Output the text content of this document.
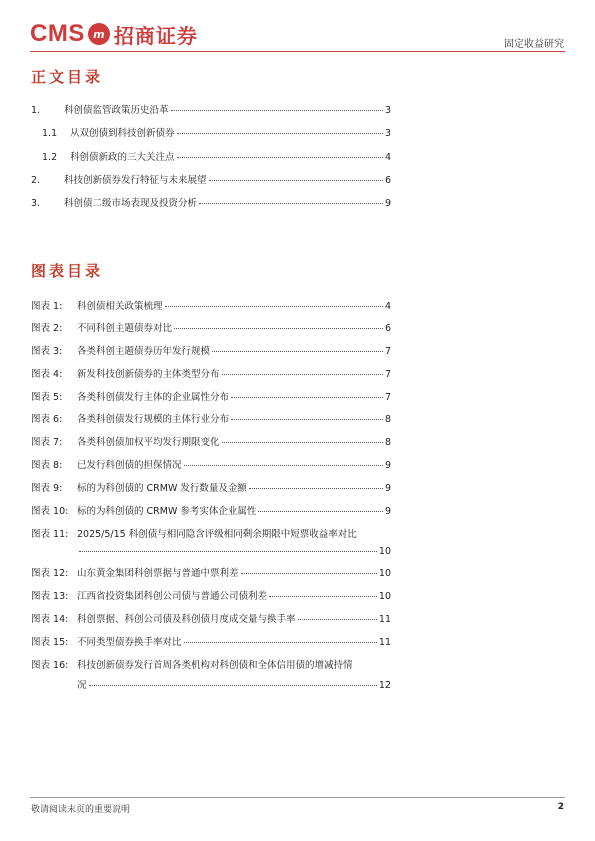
CMS m 招商证券	固定收益研究
正文目录
1.	科创债监管政策历史沿革	3
1.1	从双创债到科技创新债券	3
1.2	科创债新政的三大关注点	4
2.	科技创新债券发行特征与未来展望	6
3.	科创债二级市场表现及投资分析	9
图表目录
图表 1:	科创债相关政策梳理	4
图表 2:	不同科创主题债券对比	6
图表 3:	各类科创主题债券历年发行规模	7
图表 4:	新发科技创新债券的主体类型分布	7
图表 5:	各类科创债发行主体的企业属性分布	7
图表 6:	各类科创债发行规模的主体行业分布	8
图表 7:	各类科创债加权平均发行期限变化	8
图表 8:	已发行科创债的担保情况	9
图表 9:	标的为科创债的 CRMW 发行数量及金额	9
图表 10: 标的为科创债的 CRMW 参考实体企业属性	9
图表 11: 2025/5/15 科创债与相同隐含评级相同剩余期限中短票收益率对比
10
图表 12: 山东黄金集团科创票据与普通中票利差	10
图表 13: 江西省投资集团科创公司债与普通公司债利差	10
图表 14: 科创票据、科创公司债及科创债月度成交量与换手率	11
图表 15: 不同类型债券换手率对比	11
图表 16: 科技创新债券发行首周各类机构对科创债和全体信用债的增减持情
况	12
敬请阅读末页的重要说明	2
